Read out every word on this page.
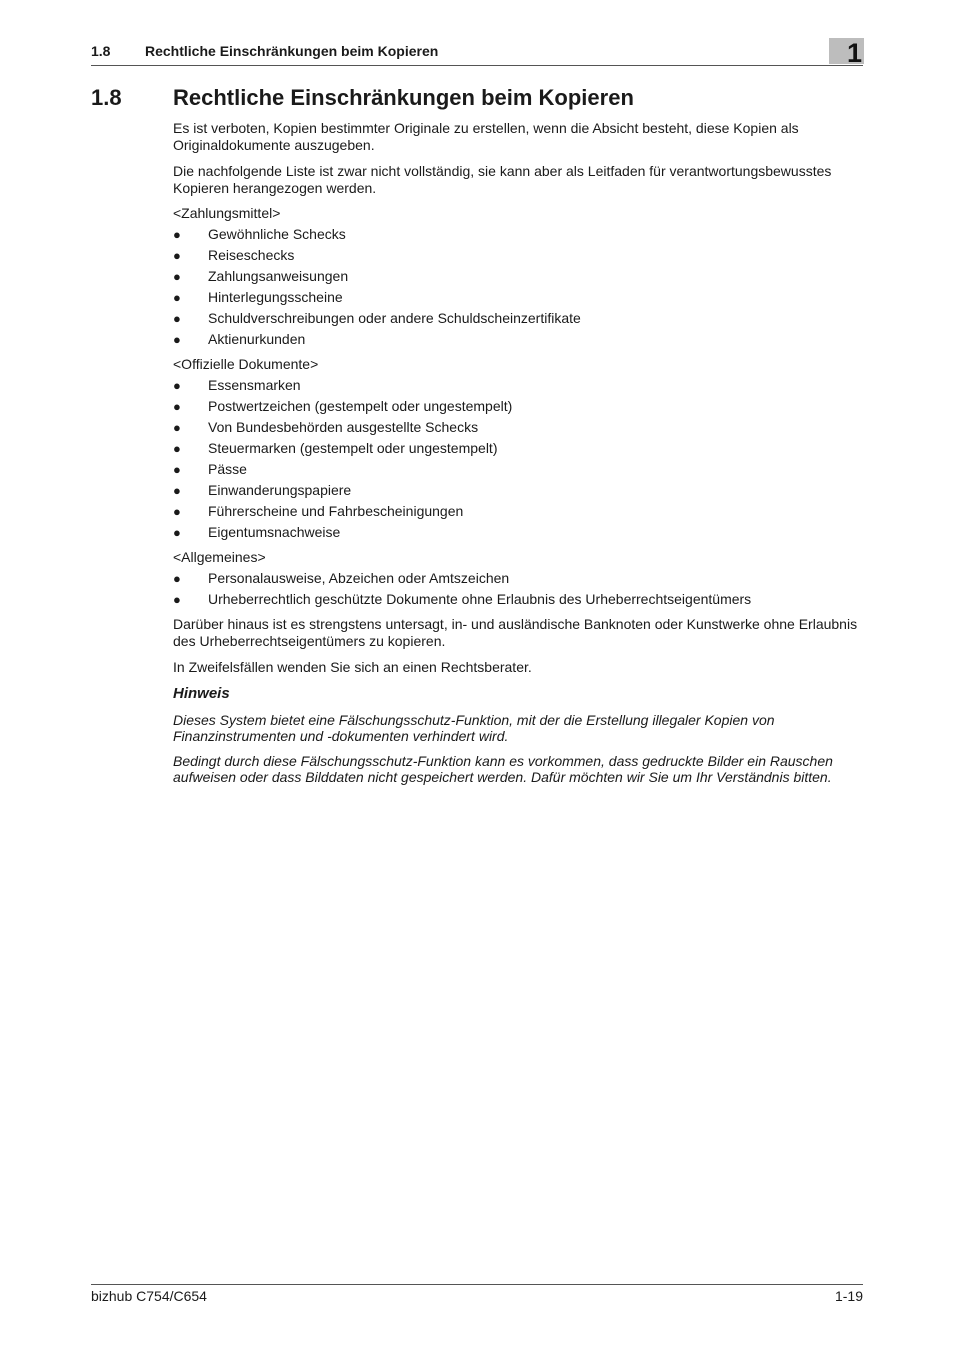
1.8 Rechtliche Einschränkungen beim Kopieren	1
1.8 Rechtliche Einschränkungen beim Kopieren

Es ist verboten, Kopien bestimmter Originale zu erstellen, wenn die Absicht besteht, diese Kopien als Originaldokumente auszugeben.

Die nachfolgende Liste ist zwar nicht vollständig, sie kann aber als Leitfaden für verantwortungsbewusstes Kopieren herangezogen werden.

<Zahlungsmittel>

● Gewöhnliche Schecks
● Reiseschecks
● Zahlungsanweisungen
● Hinterlegungsscheine
● Schuldverschreibungen oder andere Schuldscheinzertifikate
● Aktienurkunden

<Offizielle Dokumente>

● Essensmarken
● Postwertzeichen (gestempelt oder ungestempelt)
● Von Bundesbehörden ausgestellte Schecks
● Steuermarken (gestempelt oder ungestempelt)
● Pässe
● Einwanderungspapiere
● Führerscheine und Fahrbescheinigungen
● Eigentumsnachweise

<Allgemeines>

● Personalausweise, Abzeichen oder Amtszeichen
● Urheberrechtlich geschützte Dokumente ohne Erlaubnis des Urheberrechtseigentümers

Darüber hinaus ist es strengstens untersagt, in- und ausländische Banknoten oder Kunstwerke ohne Erlaubnis des Urheberrechtseigentümers zu kopieren.

In Zweifelsfällen wenden Sie sich an einen Rechtsberater.

Hinweis

Dieses System bietet eine Fälschungsschutz-Funktion, mit der die Erstellung illegaler Kopien von Finanzinstrumenten und -dokumenten verhindert wird.

Bedingt durch diese Fälschungsschutz-Funktion kann es vorkommen, dass gedruckte Bilder ein Rauschen aufweisen oder dass Bilddaten nicht gespeichert werden. Dafür möchten wir Sie um Ihr Verständnis bitten.

bizhub C754/C654	1-19
